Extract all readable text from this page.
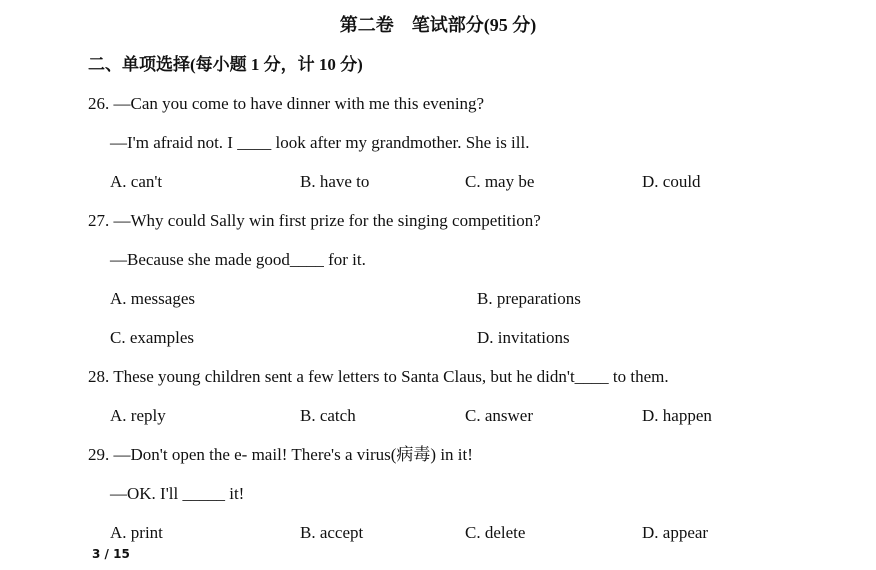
第二卷　笔试部分(95 分)
二、单项选择(每小题 1 分，计 10 分)
26. —Can you come to have dinner with me this evening?
—I'm afraid not. I ____ look after my grandmother. She is ill.
A. can't	B. have to	C. may be	D. could
27. —Why could Sally win first prize for the singing competition?
—Because she made good____ for it.
A. messages	B. preparations
C. examples	D. invitations
28. These young children sent a few letters to Santa Claus, but he didn't____ to them.
A. reply	B. catch	C. answer	D. happen
29. —Don't open the e- mail! There's a virus(病毒) in it!
—OK. I'll _____ it!
A. print	B. accept	C. delete	D. appear
3 / 15
